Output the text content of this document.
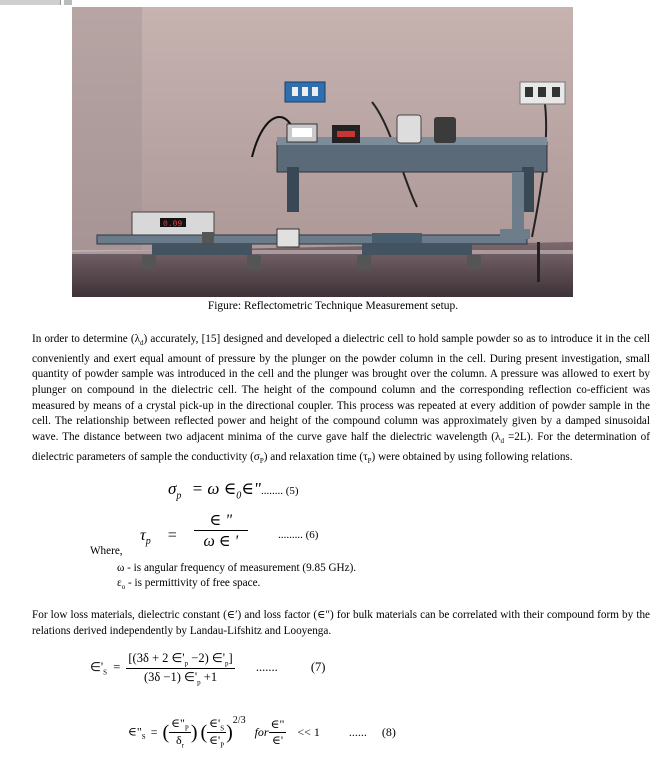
0.09
Figure: Reflectometric Technique Measurement setup.
In order to determine $(\lambda_d)$ accurately, [15] designed and developed a dielectric cell to hold sample powder so as to introduce it in the cell conveniently and exert equal amount of pressure by the plunger on the powder column in the cell. During present investigation, small quantity of powder sample was introduced in the cell and the plunger was brought over the column. A pressure was allowed to exert by plunger on compound in the dielectric cell. The height of the compound column and the corresponding reflection co-efficient was measured by means of a crystal pick-up in the directional coupler. This process was repeated at every addition of powder sample in the cell. The relationship between reflected power and height of the compound column was approximately given by a damped sinusoidal wave. The distance between two adjacent minima of the curve gave half the dielectric wavelength $(\lambda_d =2L)$. For the determination of dielectric parameters of sample the conductivity $(\sigma_P)$ and relaxation time $(\tau_P)$ were obtained by using following relations.
$\sigma_p = \omega$ $\in_0\in$"........ (5)
$\tau_p = \frac{\in "}{\omega \in '}$	$_{......... (6)}$
Where,
ω - is angular frequency of measurement (9.85 GHz).
$\varepsilon_o$ - is permittivity of free space.
For low loss materials, dielectric constant (∈′) and loss factor (∈″) for bulk materials can be correlated with their compound form by the relations derived independently by Landau-Lifshitz and Looyenga.
$\in'_S = \frac{[(3\delta + 2 \in'_p -2) \in'_p]}{(3\delta -1) \in'_p +1}$ .......	(7)
$\in"_S$ = ( $\frac{\in"_P}{\delta_r}$ ) ( $\frac{\in'_S}{\in'_P} )^{2/3}$ for $\frac{\in"}{\in'} << 1$ ...... (8)
